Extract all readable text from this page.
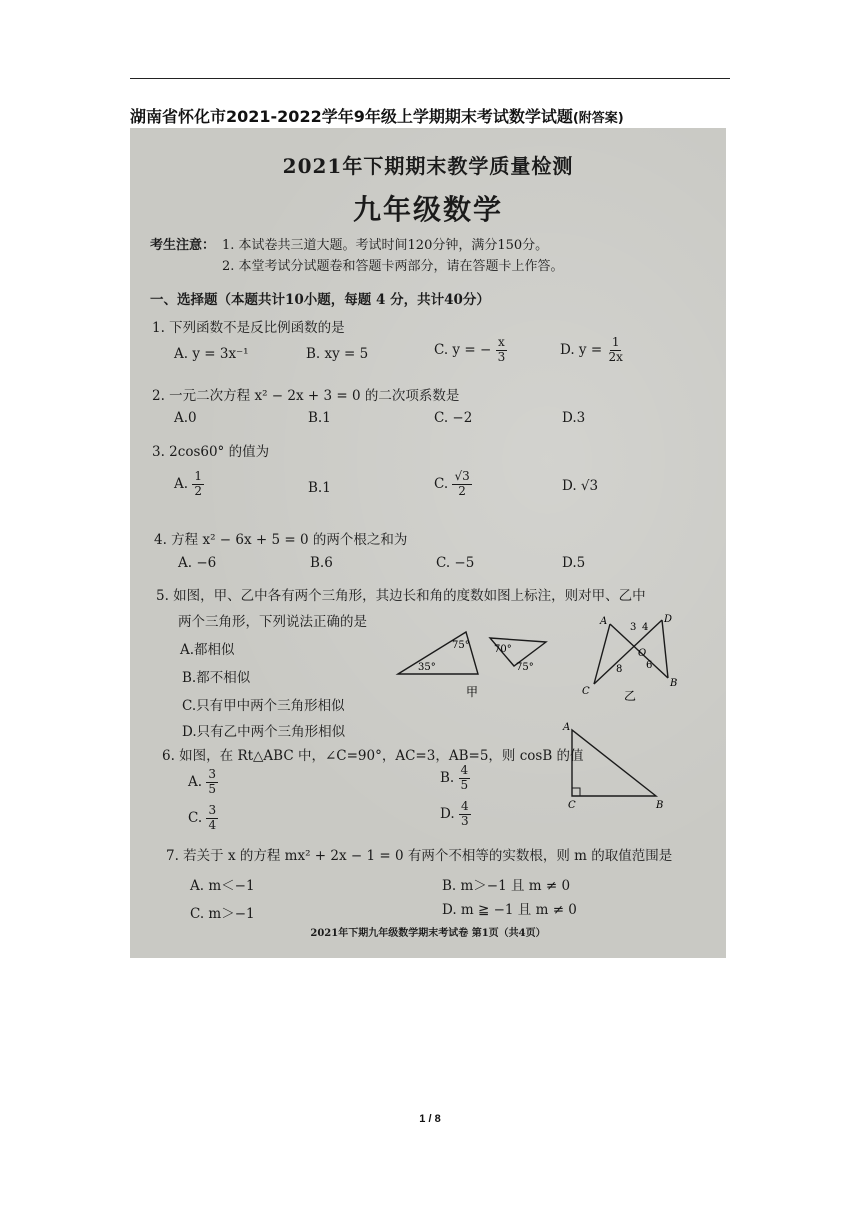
湖南省怀化市2021-2022学年9年级上学期期末考试数学试题(附答案)
2021年下期期末教学质量检测
九年级数学
考生注意： 1. 本试卷共三道大题。考试时间120分钟，满分150分。
2. 本堂考试分试题卷和答题卡两部分，请在答题卡上作答。
一、选择题（本题共计10小题，每题 4 分，共计40分）
1. 下列函数不是反比例函数的是
A. y = 3x⁻¹	B. xy = 5	C. y = − $\frac{x}{3}$	D. $y = \frac{1}{2x}$
2. 一元二次方程 x² − 2x + 3 = 0 的二次项系数是
A.0	B.1	C. −2	D.3
3. 2cos60° 的值为
A. $\frac{1}{2}$	B.1	C. $\frac{√3}{2}$	D. √3
4. 方程 x² − 6x + 5 = 0 的两个根之和为
A. −6	B.6	C. −5	D.5
5. 如图，甲、乙中各有两个三角形，其边长和角的度数如图上标注，则对甲、乙中
两个三角形，下列说法正确的是
A.都相似
B.都不相似
C.只有甲中两个三角形相似
D.只有乙中两个三角形相似
75°
35°
70°
75°
甲
A	D
O
C
B
3 4
8 6
乙
6. 如图，在 Rt△ABC 中，∠C=90°，AC=3，AB=5，则 cosB 的值
A. $\frac{3}{5}$	B. $\frac{4}{5}$
C. $\frac{3}{4}$	D. $\frac{4}{3}$
A
C	B
7. 若关于 x 的方程 mx² + 2x − 1 = 0 有两个不相等的实数根，则 m 的取值范围是
A. m＜−1	B. m＞−1 且 m ≠ 0
C. m＞−1	D. m ≧ −1 且 m ≠ 0
2021年下期九年级数学期末考试卷 第1页（共4页）
1 / 8
